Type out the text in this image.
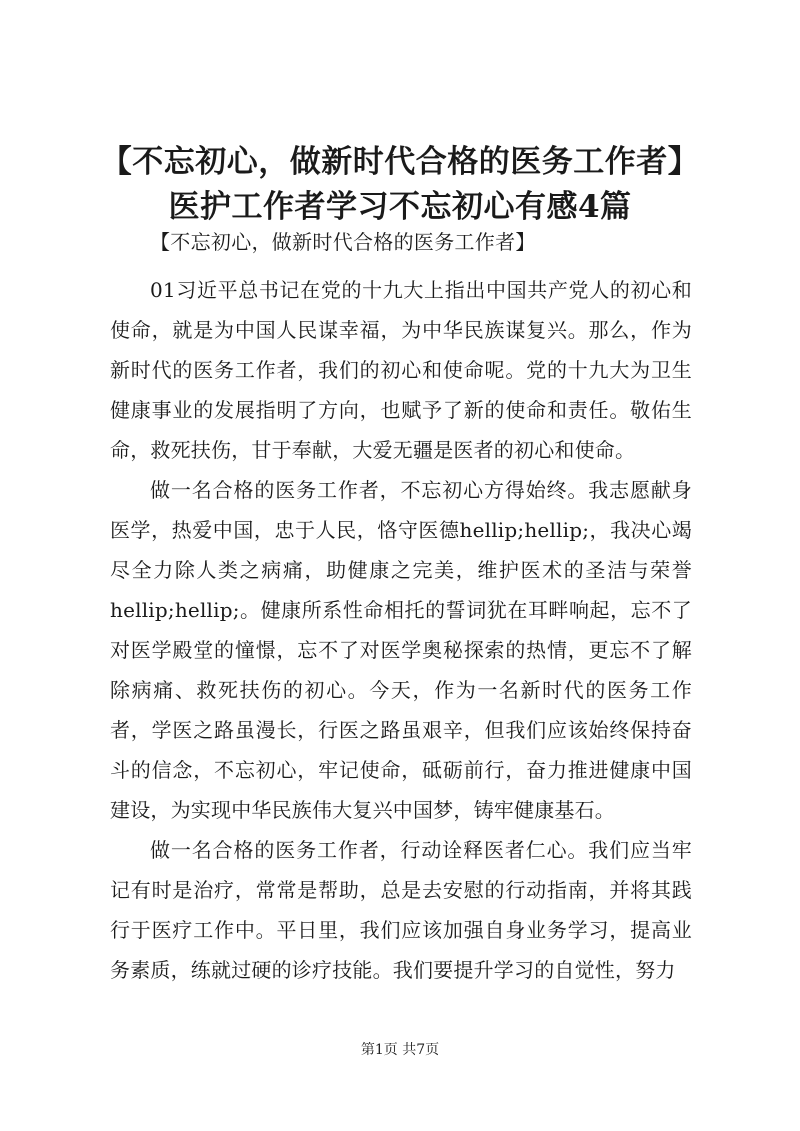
【不忘初心，做新时代合格的医务工作者】医护工作者学习不忘初心有感4篇

【不忘初心，做新时代合格的医务工作者】

01习近平总书记在党的十九大上指出中国共产党人的初心和使命，就是为中国人民谋幸福，为中华民族谋复兴。那么，作为新时代的医务工作者，我们的初心和使命呢。党的十九大为卫生健康事业的发展指明了方向，也赋予了新的使命和责任。敬佑生命，救死扶伤，甘于奉献，大爱无疆是医者的初心和使命。

做一名合格的医务工作者，不忘初心方得始终。我志愿献身医学，热爱中国，忠于人民，恪守医德hellip;hellip;，我决心竭尽全力除人类之病痛，助健康之完美，维护医术的圣洁与荣誉hellip;hellip;。健康所系性命相托的誓词犹在耳畔响起，忘不了对医学殿堂的憧憬，忘不了对医学奥秘探索的热情，更忘不了解除病痛、救死扶伤的初心。今天，作为一名新时代的医务工作者，学医之路虽漫长，行医之路虽艰辛，但我们应该始终保持奋斗的信念，不忘初心，牢记使命，砥砺前行，奋力推进健康中国建设，为实现中华民族伟大复兴中国梦，铸牢健康基石。

做一名合格的医务工作者，行动诠释医者仁心。我们应当牢记有时是治疗，常常是帮助，总是去安慰的行动指南，并将其践行于医疗工作中。平日里，我们应该加强自身业务学习，提高业务素质，练就过硬的诊疗技能。我们要提升学习的自觉性，努力

第1页 共7页
